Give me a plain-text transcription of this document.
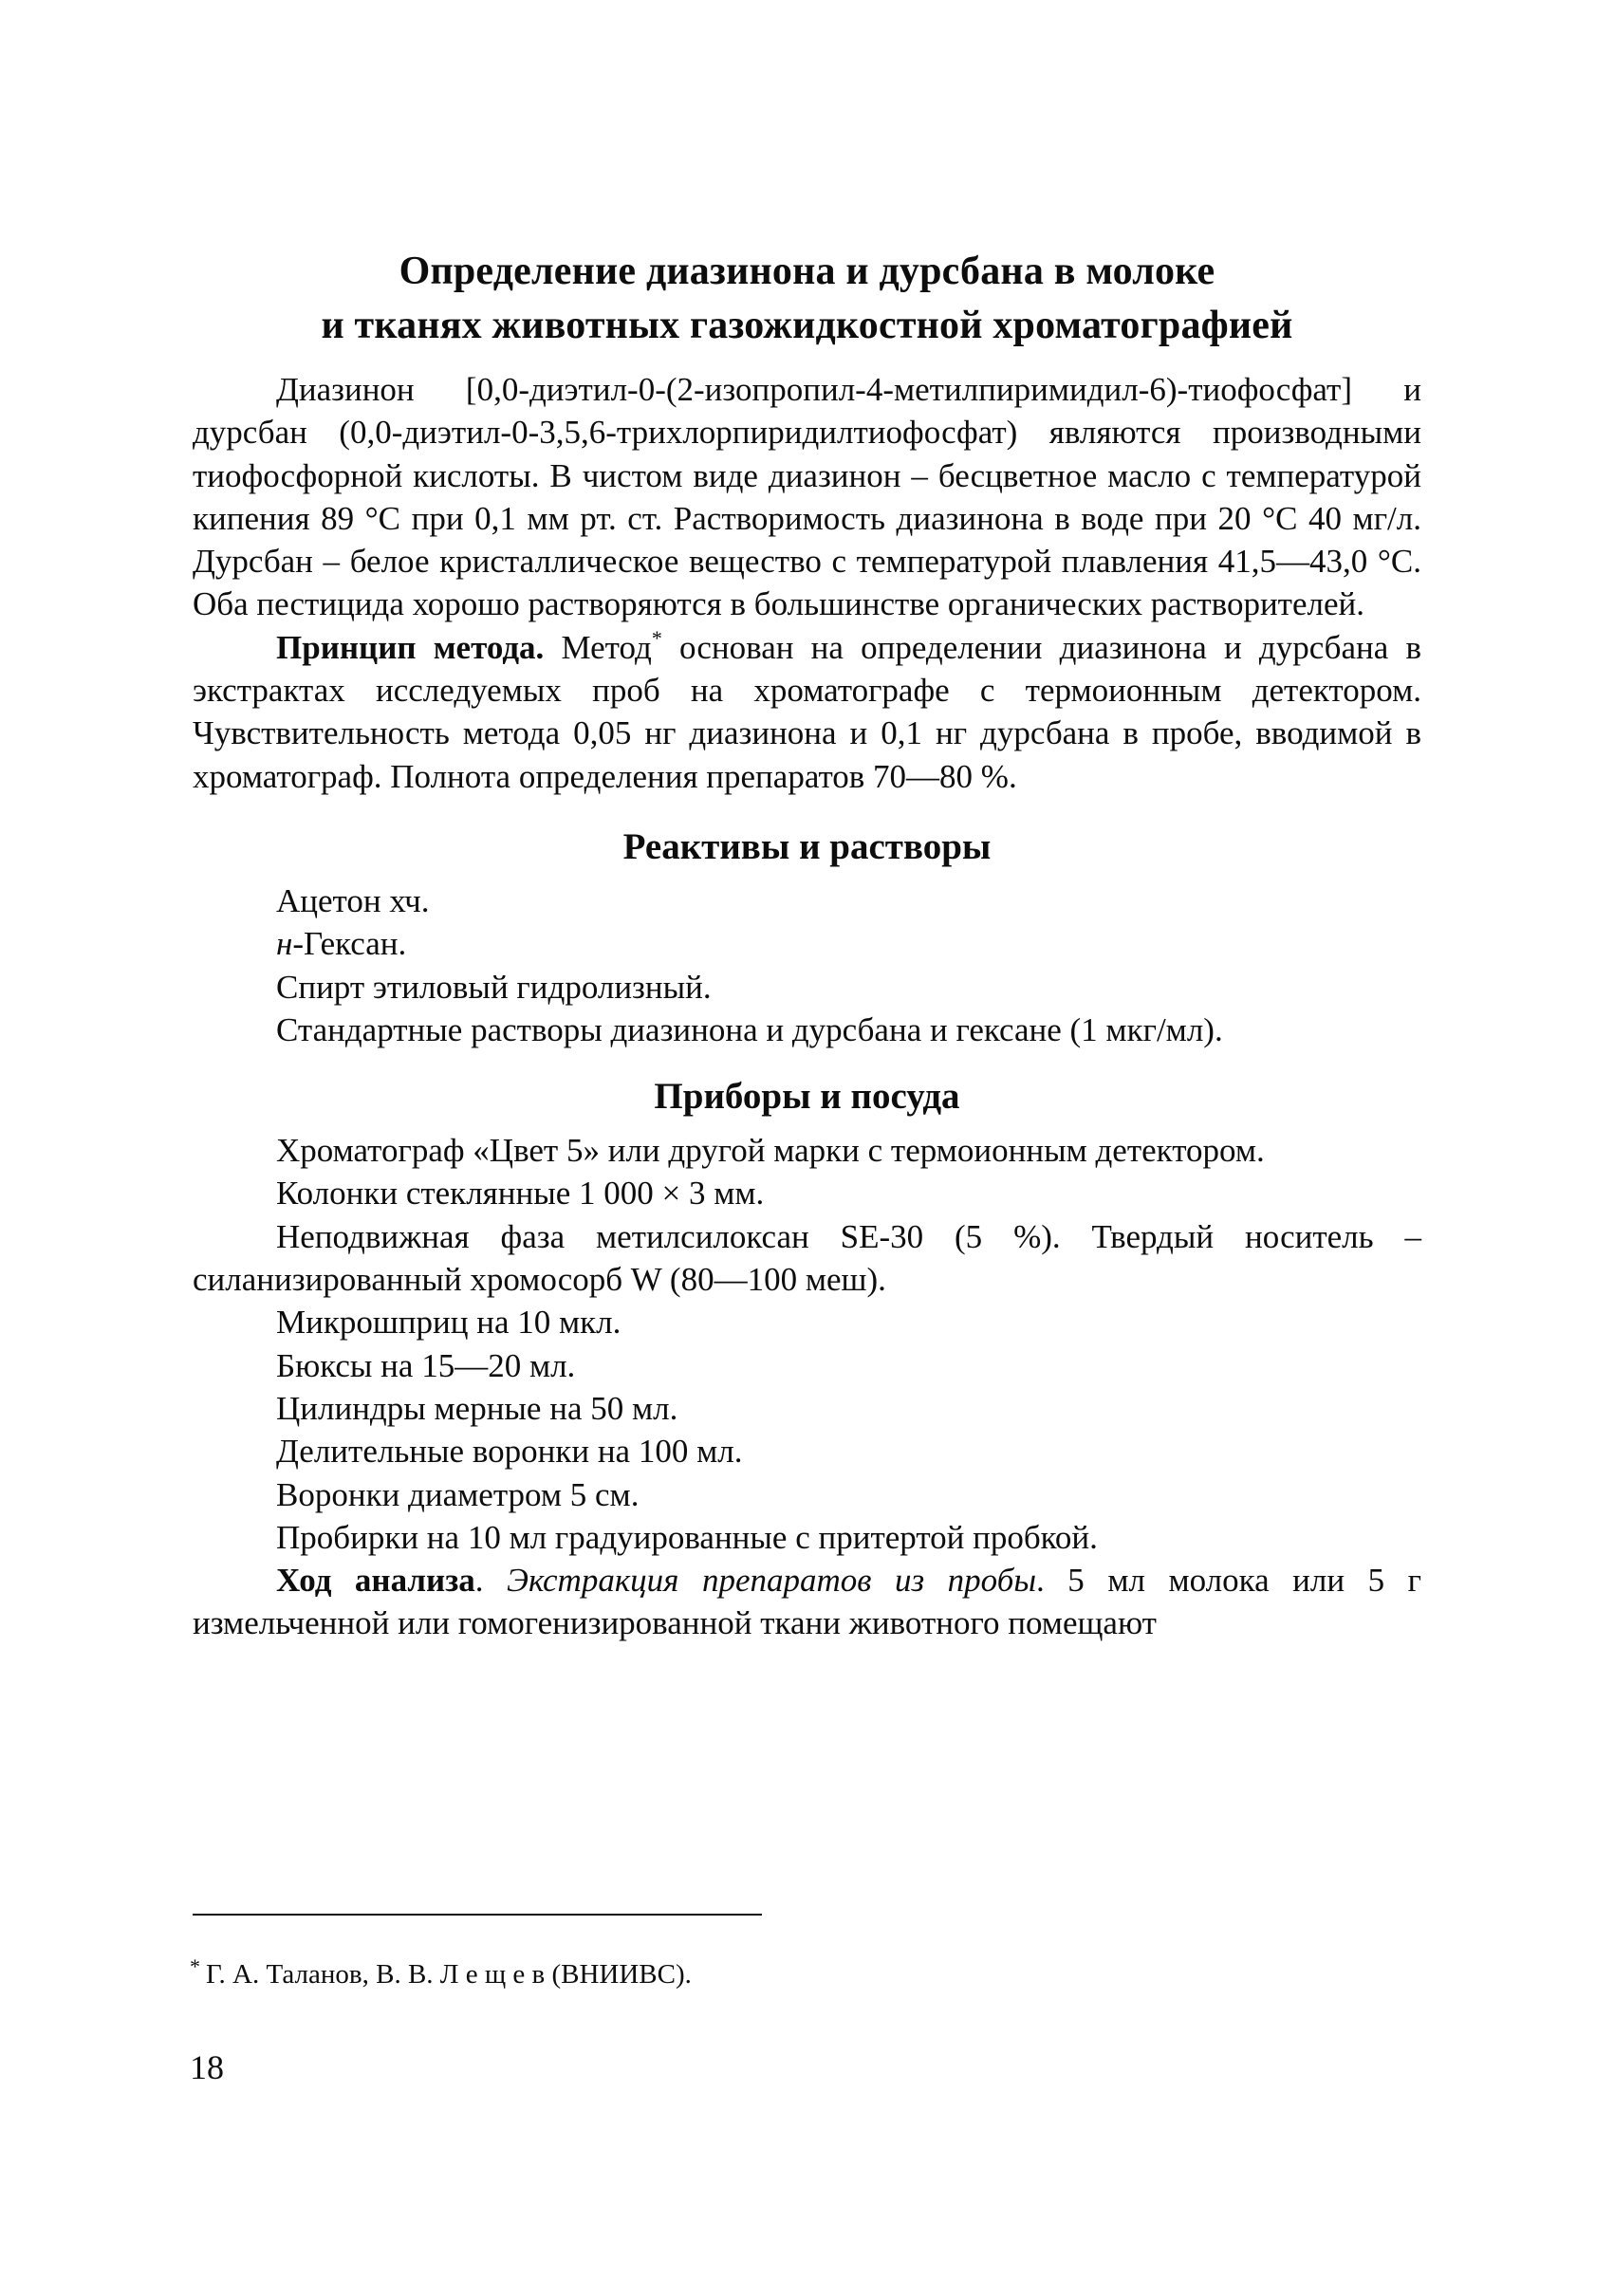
Определение диазинона и дурсбана в молоке
и тканях животных газожидкостной хроматографией

Диазинон [0,0-диэтил-0-(2-изопропил-4-метилпиримидил-6)-тиофосфат] и дурсбан (0,0-диэтил-0-3,5,6-трихлорпиридилтиофосфат) являются производными тиофосфорной кислоты. В чистом виде диазинон – бесцветное масло с температурой кипения 89 °С при 0,1 мм рт. ст. Растворимость диазинона в воде при 20 °С 40 мг/л. Дурсбан – белое кристаллическое вещество с температурой плавления 41,5—43,0 °С. Оба пестицида хорошо растворяются в большинстве органических растворителей.

Принцип метода. Метод* основан на определении диазинона и дурсбана в экстрактах исследуемых проб на хроматографе с термоионным детектором. Чувствительность метода 0,05 нг диазинона и 0,1 нг дурсбана в пробе, вводимой в хроматограф. Полнота определения препаратов 70—80 %.

Реактивы и растворы
Ацетон хч.
н-Гексан.
Спирт этиловый гидролизный.
Стандартные растворы диазинона и дурсбана и гексане (1 мкг/мл).
Приборы и посуда
Хроматограф «Цвет 5» или другой марки с термоионным детектором.
Колонки стеклянные 1 000 × 3 мм.
Неподвижная фаза метилсилоксан SE-30 (5 %). Твердый носитель – силанизированный хромосорб W (80—100 меш).
Микрошприц на 10 мкл.
Бюксы на 15—20 мл.
Цилиндры мерные на 50 мл.
Делительные воронки на 100 мл.
Воронки диаметром 5 см.
Пробирки на 10 мл градуированные с притертой пробкой.

Ход анализа. Экстракция препаратов из пробы. 5 мл молока или 5 г измельченной или гомогенизированной ткани животного помещают

* Г. А. Таланов, В. В. Л е щ е в (ВНИИВС).
18
